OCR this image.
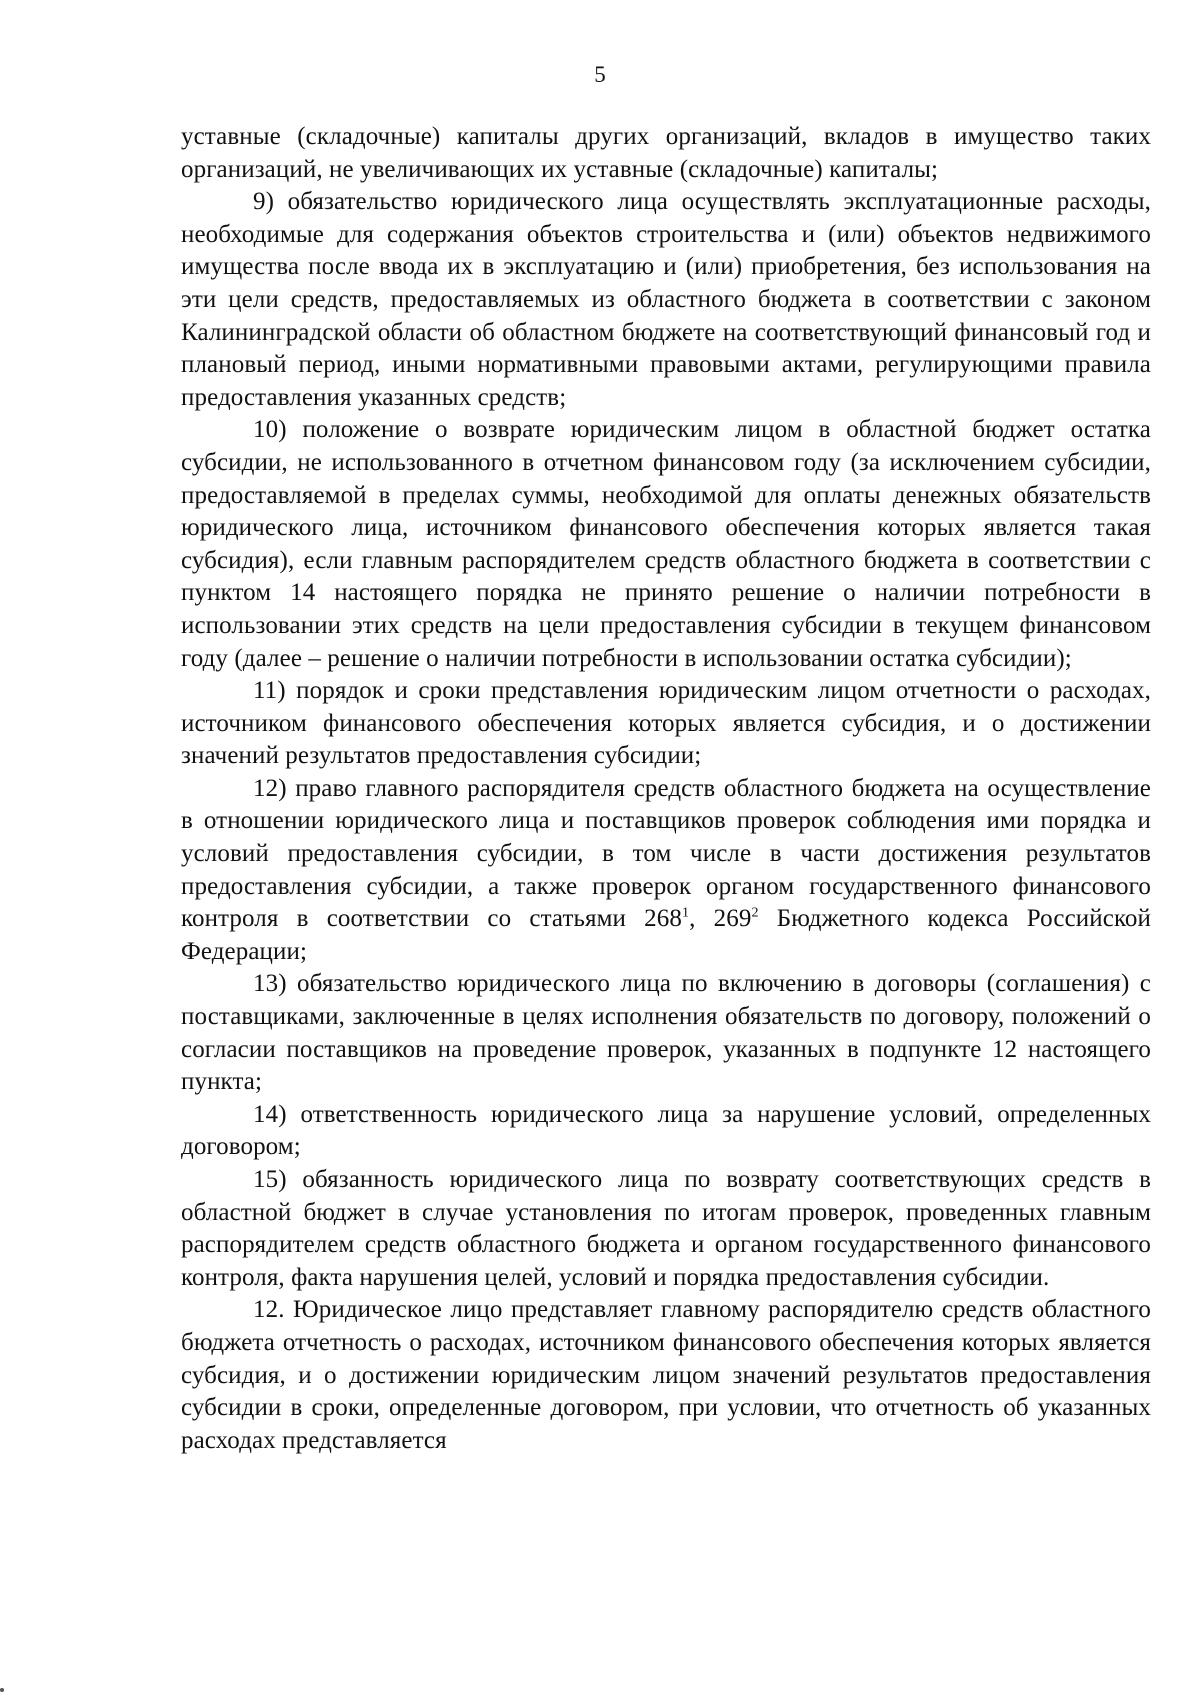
5

уставные (складочные) капиталы других организаций, вкладов в имущество таких организаций, не увеличивающих их уставные (складочные) капиталы;

9) обязательство юридического лица осуществлять эксплуатационные расходы, необходимые для содержания объектов строительства и (или) объектов недвижимого имущества после ввода их в эксплуатацию и (или) приобретения, без использования на эти цели средств, предоставляемых из областного бюджета в соответствии с законом Калининградской области об областном бюджете на соответствующий финансовый год и плановый период, иными нормативными правовыми актами, регулирующими правила предоставления указанных средств;

10) положение о возврате юридическим лицом в областной бюджет остатка субсидии, не использованного в отчетном финансовом году (за исключением субсидии, предоставляемой в пределах суммы, необходимой для оплаты денежных обязательств юридического лица, источником финансового обеспечения которых является такая субсидия), если главным распорядителем средств областного бюджета в соответствии с пунктом 14 настоящего порядка не принято решение о наличии потребности в использовании этих средств на цели предоставления субсидии в текущем финансовом году (далее – решение о наличии потребности в использовании остатка субсидии);

11) порядок и сроки представления юридическим лицом отчетности о расходах, источником финансового обеспечения которых является субсидия, и о достижении значений результатов предоставления субсидии;

12) право главного распорядителя средств областного бюджета на осуществление в отношении юридического лица и поставщиков проверок соблюдения ими порядка и условий предоставления субсидии, в том числе в части достижения результатов предоставления субсидии, а также проверок органом государственного финансового контроля в соответствии со статьями $268^1$, $269^2$ Бюджетного кодекса Российской Федерации;

13) обязательство юридического лица по включению в договоры (соглашения) с поставщиками, заключенные в целях исполнения обязательств по договору, положений о согласии поставщиков на проведение проверок, указанных в подпункте 12 настоящего пункта;

14) ответственность юридического лица за нарушение условий, определенных договором;

15) обязанность юридического лица по возврату соответствующих средств в областной бюджет в случае установления по итогам проверок, проведенных главным распорядителем средств областного бюджета и органом государственного финансового контроля, факта нарушения целей, условий и порядка предоставления субсидии.

12. Юридическое лицо представляет главному распорядителю средств областного бюджета отчетность о расходах, источником финансового обеспечения которых является субсидия, и о достижении юридическим лицом значений результатов предоставления субсидии в сроки, определенные договором, при условии, что отчетность об указанных расходах представляется
